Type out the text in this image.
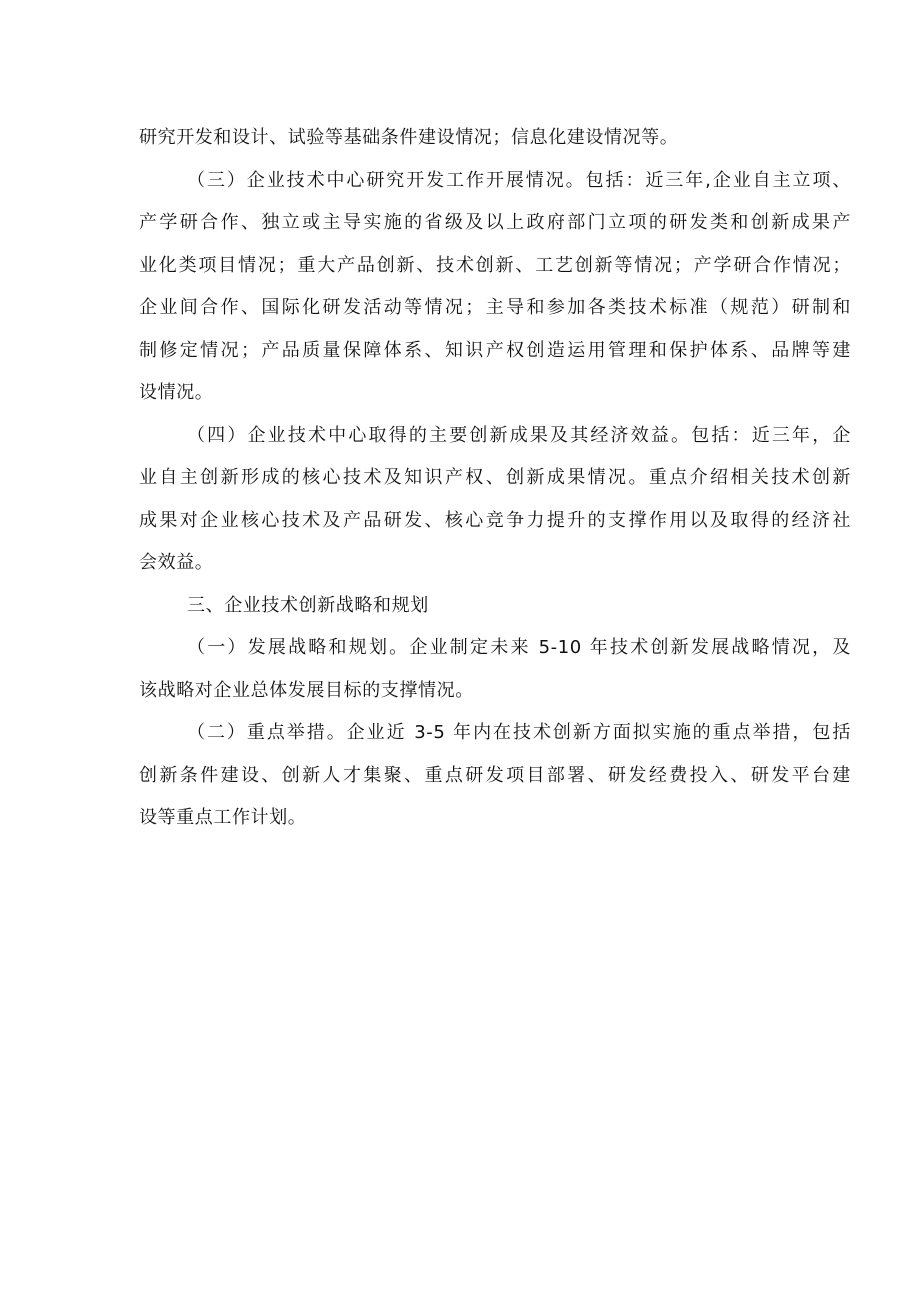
研究开发和设计、试验等基础条件建设情况；信息化建设情况等。
（三）企业技术中心研究开发工作开展情况。包括：近三年,企业自主立项、
产学研合作、独立或主导实施的省级及以上政府部门立项的研发类和创新成果产
业化类项目情况；重大产品创新、技术创新、工艺创新等情况；产学研合作情况；
企业间合作、国际化研发活动等情况；主导和参加各类技术标准（规范）研制和
制修定情况；产品质量保障体系、知识产权创造运用管理和保护体系、品牌等建
设情况。
（四）企业技术中心取得的主要创新成果及其经济效益。包括：近三年，企
业自主创新形成的核心技术及知识产权、创新成果情况。重点介绍相关技术创新
成果对企业核心技术及产品研发、核心竞争力提升的支撑作用以及取得的经济社
会效益。
三、企业技术创新战略和规划
（一）发展战略和规划。企业制定未来 5-10 年技术创新发展战略情况，及
该战略对企业总体发展目标的支撑情况。
（二）重点举措。企业近 3-5 年内在技术创新方面拟实施的重点举措，包括
创新条件建设、创新人才集聚、重点研发项目部署、研发经费投入、研发平台建
设等重点工作计划。
